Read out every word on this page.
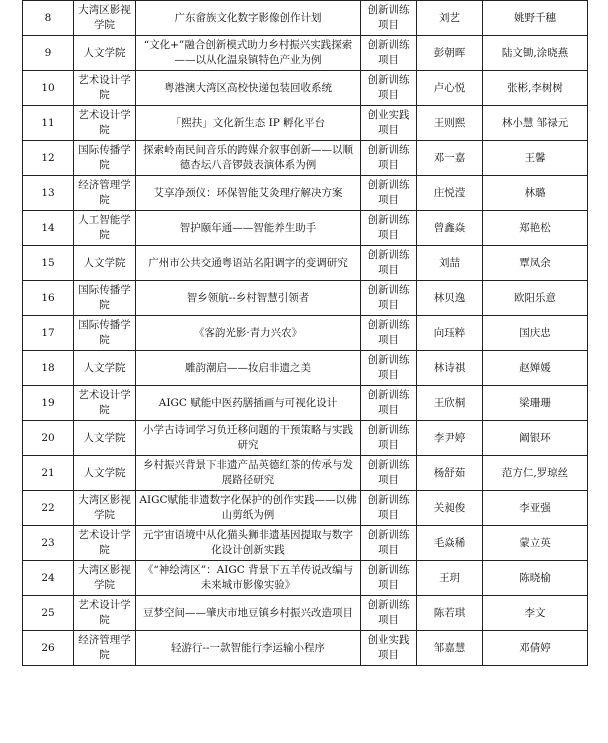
8	大湾区影视学院	广东畲族文化数字影像创作计划	创新训练项目	刘艺	姚野千穗
9	人文学院	“文化+”融合创新模式助力乡村振兴实践探索——以从化温泉镇特色产业为例	创新训练项目	彭朝晖	陆文锄,涂晓燕
10	艺术设计学院	粤港澳大湾区高校快递包装回收系统	创新训练项目	卢心悦	张彬,李树树
11	艺术设计学院	「熙扶」文化新生态 IP 孵化平台	创业实践项目	王则熙	林小慧 邹禄元
12	国际传播学院	探索岭南民间音乐的跨媒介叙事创新——以顺德杏坛八音锣鼓表演体系为例	创新训练项目	邓一嘉	王馨
13	经济管理学院	艾享净颈仪：环保智能艾灸理疗解决方案	创新训练项目	庄悦滢	林璐
14	人工智能学院	智护颐年通——智能养生助手	创新训练项目	曾鑫焱	郑艳松
15	人文学院	广州市公共交通粤语站名阳调字的变调研究	创新训练项目	刘喆	覃凤余
16	国际传播学院	智乡领航--乡村智慧引领者	创新训练项目	林贝逸	欧阳乐意
17	国际传播学院	《客韵光影·青力兴农》	创新训练项目	向珏粹	国庆忠
18	人文学院	雕韵潮启——妆启非遗之美	创新训练项目	林诗祺	赵婵媛
19	艺术设计学院	AIGC 赋能中医药膳插画与可视化设计	创新训练项目	王欣桐	梁珊珊
20	人文学院	小学古诗词学习负迁移问题的干预策略与实践研究	创新训练项目	李尹婷	阚银环
21	人文学院	乡村振兴背景下非遗产品英德红茶的传承与发展路径研究	创新训练项目	杨舒茹	范方仁,罗琼丝
22	大湾区影视学院	AIGC赋能非遗数字化保护的创作实践——以佛山剪纸为例	创新训练项目	关昶俊	李亚强
23	艺术设计学院	元宇宙语境中从化猫头狮非遗基因提取与数字化设计创新实践	创新训练项目	毛焱稀	蒙立英
24	大湾区影视学院	《“神绘湾区”：AIGC 背景下五羊传说改编与未来城市影像实验》	创新训练项目	王玥	陈晓榆
25	艺术设计学院	豆梦空间——肇庆市地豆镇乡村振兴改造项目	创新训练项目	陈若琪	李文
26	经济管理学院	轻游行--一款智能行李运输小程序	创业实践项目	邹嘉慧	邓倩婷
